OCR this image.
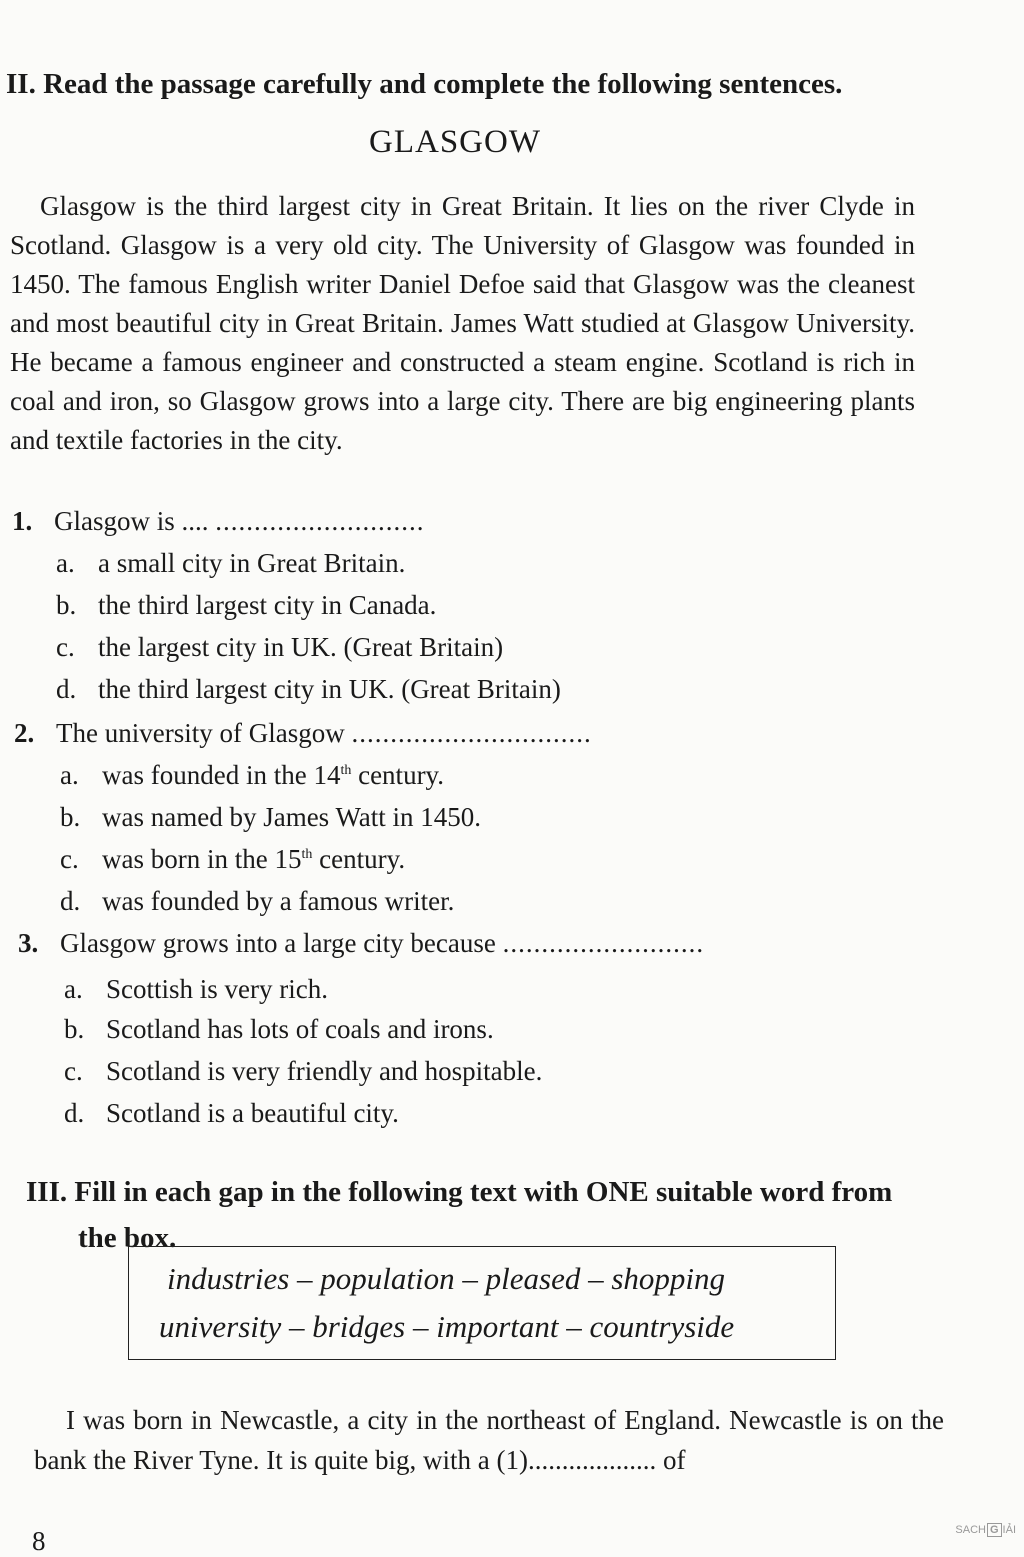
II. Read the passage carefully and complete the following sentences.
GLASGOW
Glasgow is the third largest city in Great Britain. It lies on the river Clyde in Scotland. Glasgow is a very old city. The University of Glasgow was founded in 1450. The famous English writer Daniel Defoe said that Glasgow was the cleanest and most beautiful city in Great Britain. James Watt studied at Glasgow University. He became a famous engineer and constructed a steam engine. Scotland is rich in coal and iron, so Glasgow grows into a large city. There are big engineering plants and textile factories in the city.
1. Glasgow is .... ...........................
a. a small city in Great Britain.
b. the third largest city in Canada.
c. the largest city in UK. (Great Britain)
d. the third largest city in UK. (Great Britain)
2. The university of Glasgow ...............................
a. was founded in the 14th century.
b. was named by James Watt in 1450.
c. was born in the 15th century.
d. was founded by a famous writer.
3. Glasgow grows into a large city because ..........................
a. Scottish is very rich.
b. Scotland has lots of coals and irons.
c. Scotland is very friendly and hospitable.
d. Scotland is a beautiful city.
III. Fill in each gap in the following text with ONE suitable word from
the box.
industries – population – pleased – shopping
university – bridges – important – countryside
I was born in Newcastle, a city in the northeast of England. Newcastle is on the bank the River Tyne. It is quite big, with a (1)................... of
8	SACH G IẢI
